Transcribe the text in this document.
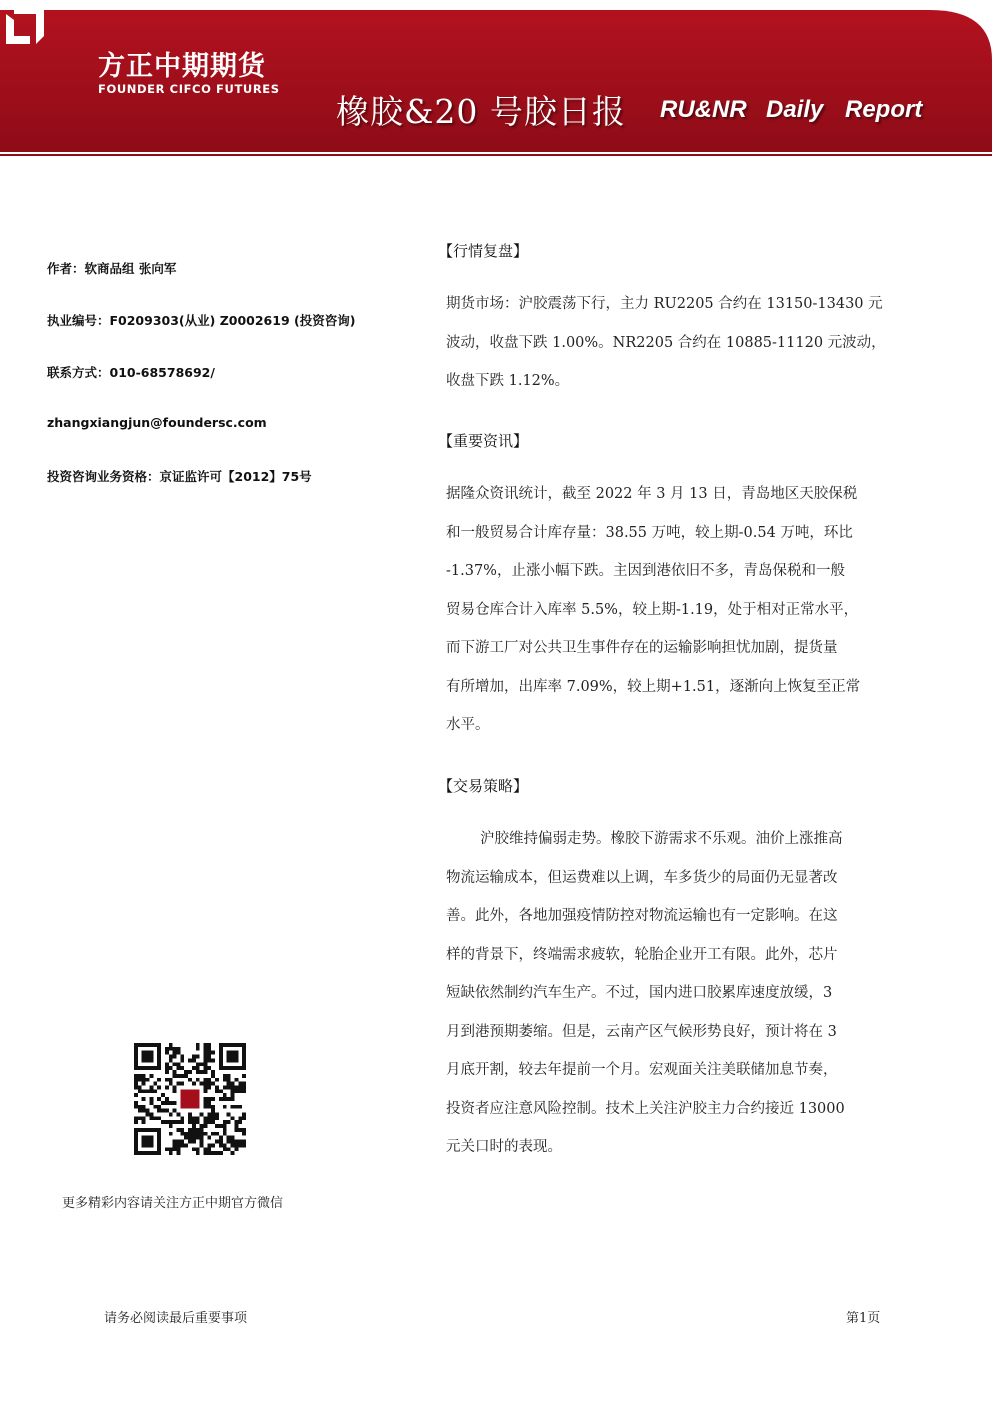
方正中期期货
FOUNDER CIFCO FUTURES
橡胶&20 号胶日报 RU&NR Daily Report
作者：软商品组 张向军
执业编号：F0209303(从业) Z0002619 (投资咨询)
联系方式：010-68578692/
zhangxiangjun@foundersc.com
投资咨询业务资格：京证监许可【2012】75号
【行情复盘】
期货市场：沪胶震荡下行，主力 RU2205 合约在 13150-13430 元
波动，收盘下跌 1.00%。NR2205 合约在 10885-11120 元波动，
收盘下跌 1.12%。
【重要资讯】
据隆众资讯统计，截至 2022 年 3 月 13 日，青岛地区天胶保税
和一般贸易合计库存量：38.55 万吨，较上期-0.54 万吨，环比
-1.37%，止涨小幅下跌。主因到港依旧不多，青岛保税和一般
贸易仓库合计入库率 5.5%，较上期-1.19，处于相对正常水平，
而下游工厂对公共卫生事件存在的运输影响担忧加剧，提货量
有所增加，出库率 7.09%，较上期+1.51，逐渐向上恢复至正常
水平。
【交易策略】
沪胶维持偏弱走势。橡胶下游需求不乐观。油价上涨推高
物流运输成本，但运费难以上调，车多货少的局面仍无显著改
善。此外，各地加强疫情防控对物流运输也有一定影响。在这
样的背景下，终端需求疲软，轮胎企业开工有限。此外，芯片
短缺依然制约汽车生产。不过，国内进口胶累库速度放缓，3
月到港预期萎缩。但是，云南产区气候形势良好，预计将在 3
月底开割，较去年提前一个月。宏观面关注美联储加息节奏，
投资者应注意风险控制。技术上关注沪胶主力合约接近 13000
元关口时的表现。
更多精彩内容请关注方正中期官方微信
请务必阅读最后重要事项	第1页
